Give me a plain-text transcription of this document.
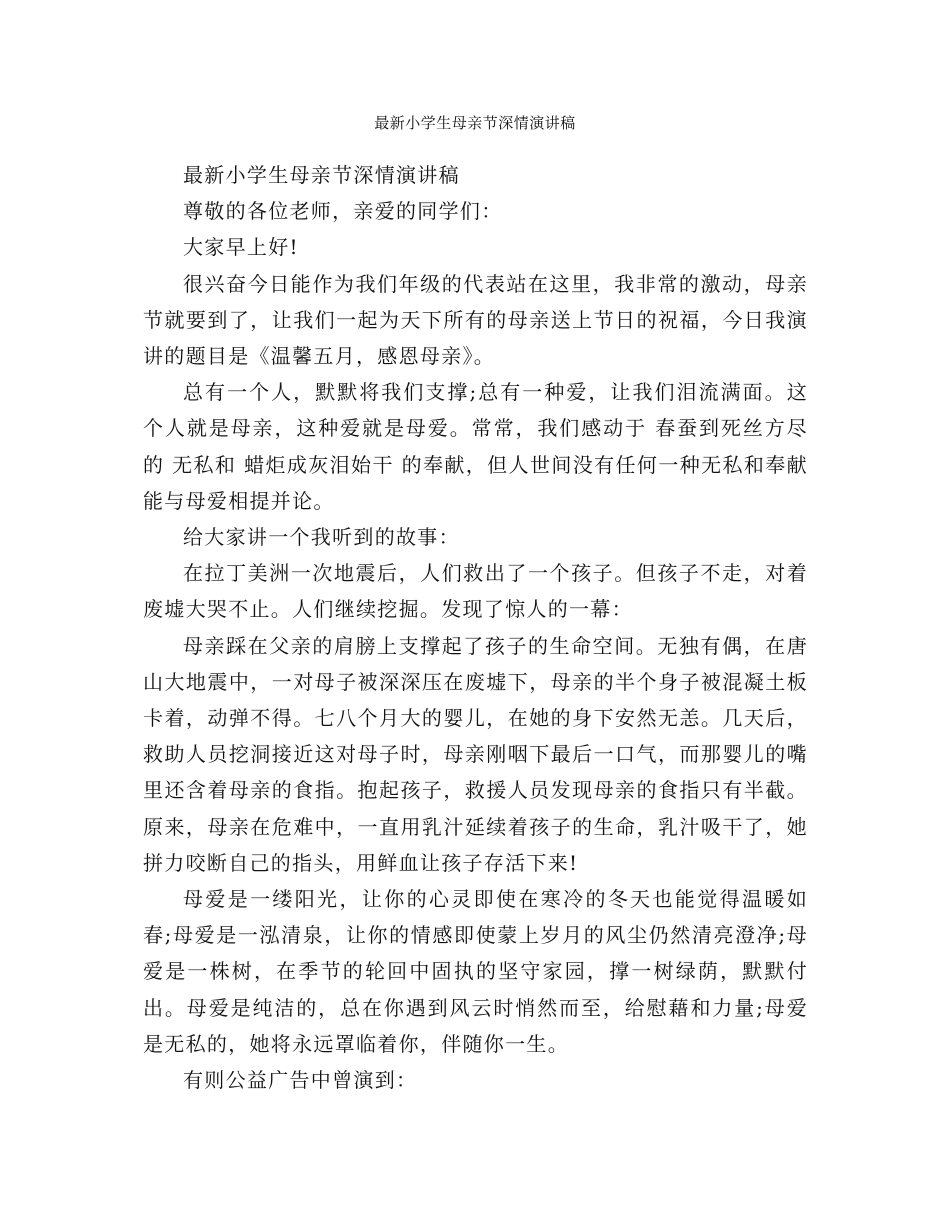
最新小学生母亲节深情演讲稿

最新小学生母亲节深情演讲稿

尊敬的各位老师，亲爱的同学们：

大家早上好!

很兴奋今日能作为我们年级的代表站在这里，我非常的激动，母亲节就要到了，让我们一起为天下所有的母亲送上节日的祝福，今日我演讲的题目是《温馨五月，感恩母亲》。

总有一个人，默默将我们支撑;总有一种爱，让我们泪流满面。这个人就是母亲，这种爱就是母爱。常常，我们感动于 春蚕到死丝方尽的 无私和 蜡炬成灰泪始干 的奉献，但人世间没有任何一种无私和奉献能与母爱相提并论。

给大家讲一个我听到的故事：

在拉丁美洲一次地震后，人们救出了一个孩子。但孩子不走，对着废墟大哭不止。人们继续挖掘。发现了惊人的一幕：

母亲踩在父亲的肩膀上支撑起了孩子的生命空间。无独有偶，在唐山大地震中，一对母子被深深压在废墟下，母亲的半个身子被混凝土板卡着，动弹不得。七八个月大的婴儿，在她的身下安然无恙。几天后，救助人员挖洞接近这对母子时，母亲刚咽下最后一口气，而那婴儿的嘴里还含着母亲的食指。抱起孩子，救援人员发现母亲的食指只有半截。原来，母亲在危难中，一直用乳汁延续着孩子的生命，乳汁吸干了，她拼力咬断自己的指头，用鲜血让孩子存活下来!

母爱是一缕阳光，让你的心灵即使在寒冷的冬天也能觉得温暖如春;母爱是一泓清泉，让你的情感即使蒙上岁月的风尘仍然清亮澄净;母爱是一株树，在季节的轮回中固执的坚守家园，撑一树绿荫，默默付出。母爱是纯洁的，总在你遇到风云时悄然而至，给慰藉和力量;母爱是无私的，她将永远罩临着你，伴随你一生。

有则公益广告中曾演到：
